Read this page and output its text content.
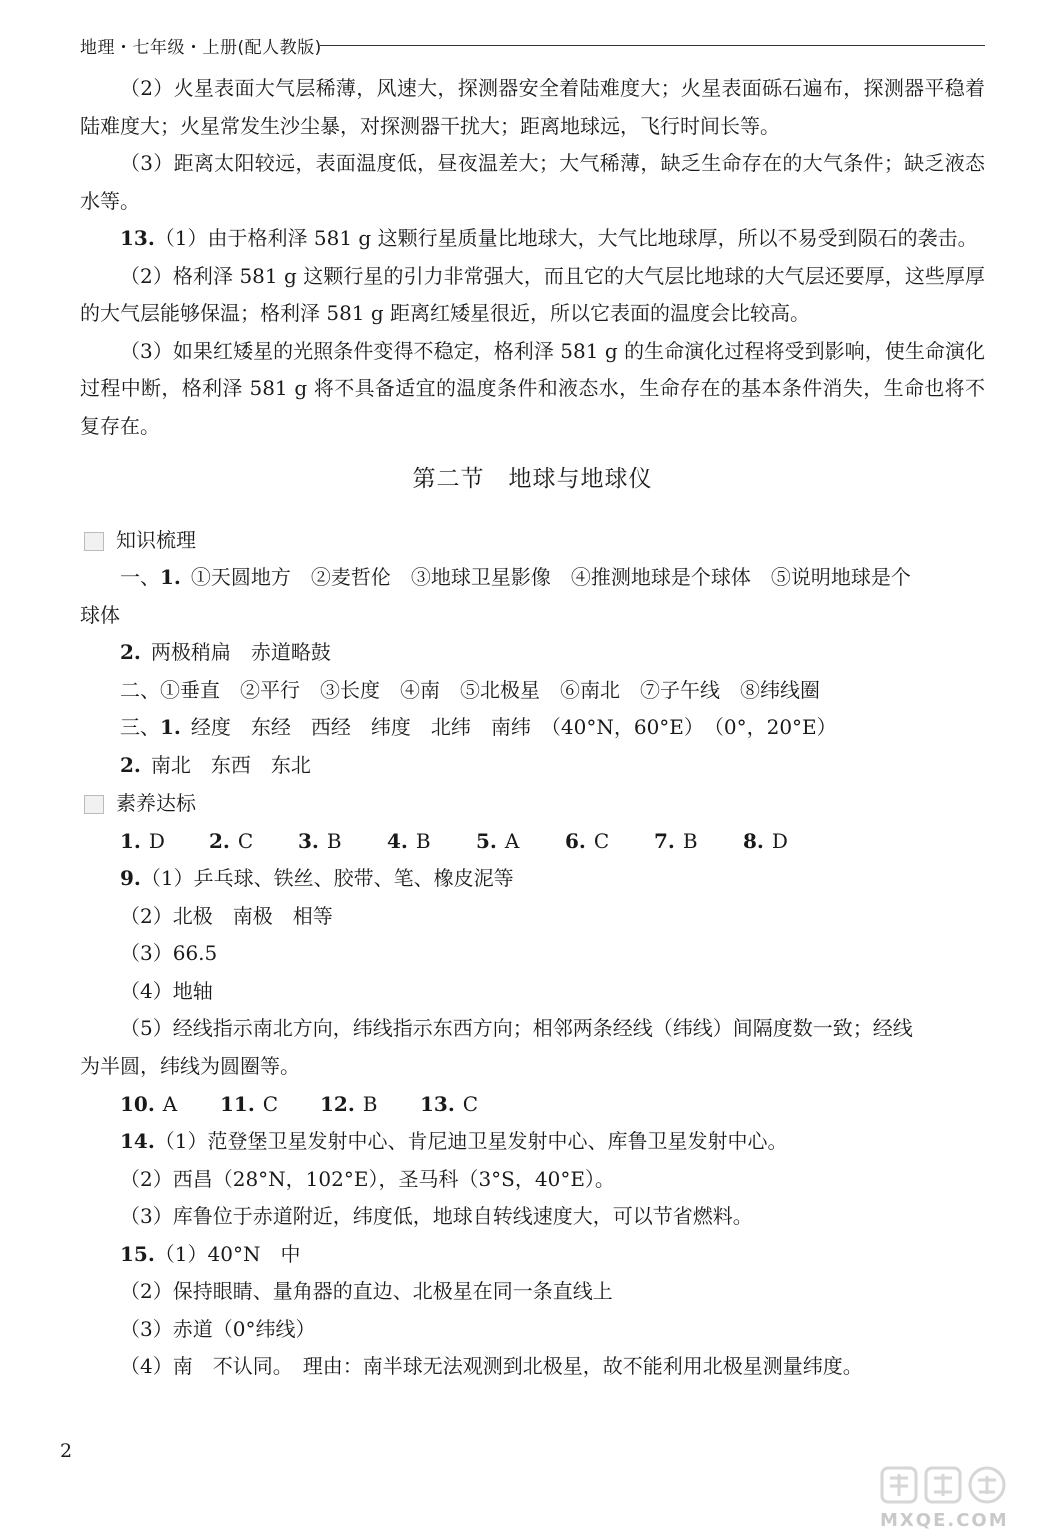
地理・七年级・上册(配人教版)

（2）火星表面大气层稀薄，风速大，探测器安全着陆难度大；火星表面砾石遍布，探测器平稳着陆难度大；火星常发生沙尘暴，对探测器干扰大；距离地球远，飞行时间长等。

（3）距离太阳较远，表面温度低，昼夜温差大；大气稀薄，缺乏生命存在的大气条件；缺乏液态水等。

13.（1）由于格利泽 581 g 这颗行星质量比地球大，大气比地球厚，所以不易受到陨石的袭击。

（2）格利泽 581 g 这颗行星的引力非常强大，而且它的大气层比地球的大气层还要厚，这些厚厚的大气层能够保温；格利泽 581 g 距离红矮星很近，所以它表面的温度会比较高。

（3）如果红矮星的光照条件变得不稳定，格利泽 581 g 的生命演化过程将受到影响，使生命演化过程中断，格利泽 581 g 将不具备适宜的温度条件和液态水，生命存在的基本条件消失，生命也将不复存在。

第二节　地球与地球仪
知识梳理

一、1.  ①天圆地方　②麦哲伦　③地球卫星影像　④推测地球是个球体　⑤说明地球是个

球体

2.  两极稍扁　赤道略鼓

二、①垂直　②平行　③长度　④南　⑤北极星　⑥南北　⑦子午线　⑧纬线圈

三、1.  经度　东经　西经　纬度　北纬　南纬　（40°N，60°E）　（0°，20°E）

2.  南北　东西　东北

素养达标
1. D	2. C	3. B	4. B	5. A	6. C	7. B	8. D

9.（1）乒乓球、铁丝、胶带、笔、橡皮泥等

（2）北极　南极　相等

（3）66.5

（4）地轴

（5）经线指示南北方向，纬线指示东西方向；相邻两条经线（纬线）间隔度数一致；经线

为半圆，纬线为圆圈等。

10. A	11. C	12. B	13. C

14.（1）范登堡卫星发射中心、肯尼迪卫星发射中心、库鲁卫星发射中心。

（2）西昌（28°N，102°E），圣马科（3°S，40°E）。

（3）库鲁位于赤道附近，纬度低，地球自转线速度大，可以节省燃料。

15.（1）40°N　中

（2）保持眼睛、量角器的直边、北极星在同一条直线上

（3）赤道（0°纬线）

（4）南　不认同。　理由：南半球无法观测到北极星，故不能利用北极星测量纬度。

2
MXQE.COM
